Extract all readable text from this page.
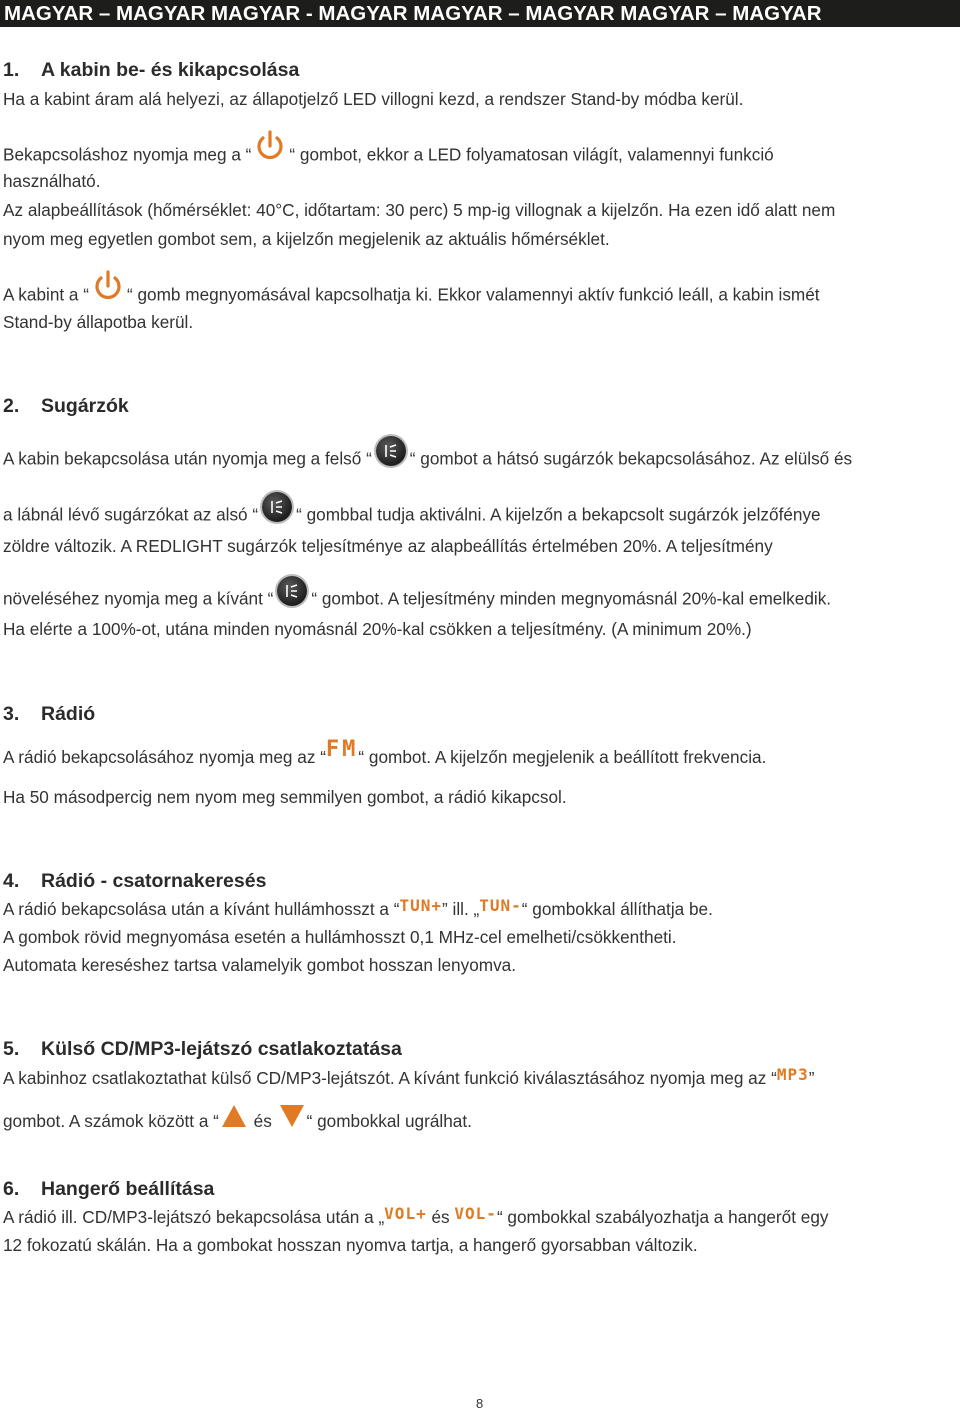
MAGYAR – MAGYAR MAGYAR - MAGYAR MAGYAR – MAGYAR MAGYAR – MAGYAR
1. A kabin be- és kikapcsolása
Ha a kabint áram alá helyezi, az állapotjelző LED villogni kezd, a rendszer Stand-by módba kerül.
Bekapcsoláshoz nyomja meg a “ “ gombot, ekkor a LED folyamatosan világít, valamennyi funkció
használható.
Az alapbeállítások (hőmérséklet: 40°C, időtartam: 30 perc) 5 mp-ig villognak a kijelzőn. Ha ezen idő alatt nem
nyom meg egyetlen gombot sem, a kijelzőn megjelenik az aktuális hőmérséklet.
A kabint a “ “ gomb megnyomásával kapcsolhatja ki. Ekkor valamennyi aktív funkció leáll, a kabin ismét
Stand-by állapotba kerül.
2. Sugárzók
A kabin bekapcsolása után nyomja meg a felső “ “ gombot a hátsó sugárzók bekapcsolásához. Az elülső és
a lábnál lévő sugárzókat az alsó “ “ gombbal tudja aktiválni. A kijelzőn a bekapcsolt sugárzók jelzőfénye
zöldre változik. A REDLIGHT sugárzók teljesítménye az alapbeállítás értelmében 20%. A teljesítmény
növeléséhez nyomja meg a kívánt “ “ gombot. A teljesítmény minden megnyomásnál 20%-kal emelkedik.
Ha elérte a 100%-ot, utána minden nyomásnál 20%-kal csökken a teljesítmény. (A minimum 20%.)
3. Rádió
A rádió bekapcsolásához nyomja meg az “FM“ gombot. A kijelzőn megjelenik a beállított frekvencia.
Ha 50 másodpercig nem nyom meg semmilyen gombot, a rádió kikapcsol.
4. Rádió - csatornakeresés
A rádió bekapcsolása után a kívánt hullámhosszt a “TUN+” ill. „TUN-“ gombokkal állíthatja be.
A gombok rövid megnyomása esetén a hullámhosszt 0,1 MHz-cel emelheti/csökkentheti.
Automata kereséshez tartsa valamelyik gombot hosszan lenyomva.
5. Külső CD/MP3-lejátszó csatlakoztatása
A kabinhoz csatlakoztathat külső CD/MP3-lejátszót. A kívánt funkció kiválasztásához nyomja meg az “MP3”
gombot. A számok között a “ és “ gombokkal ugrálhat.
6. Hangerő beállítása
A rádió ill. CD/MP3-lejátszó bekapcsolása után a „VOL+ és VOL-“ gombokkal szabályozhatja a hangerőt egy
12 fokozatú skálán. Ha a gombokat hosszan nyomva tartja, a hangerő gyorsabban változik.
8
